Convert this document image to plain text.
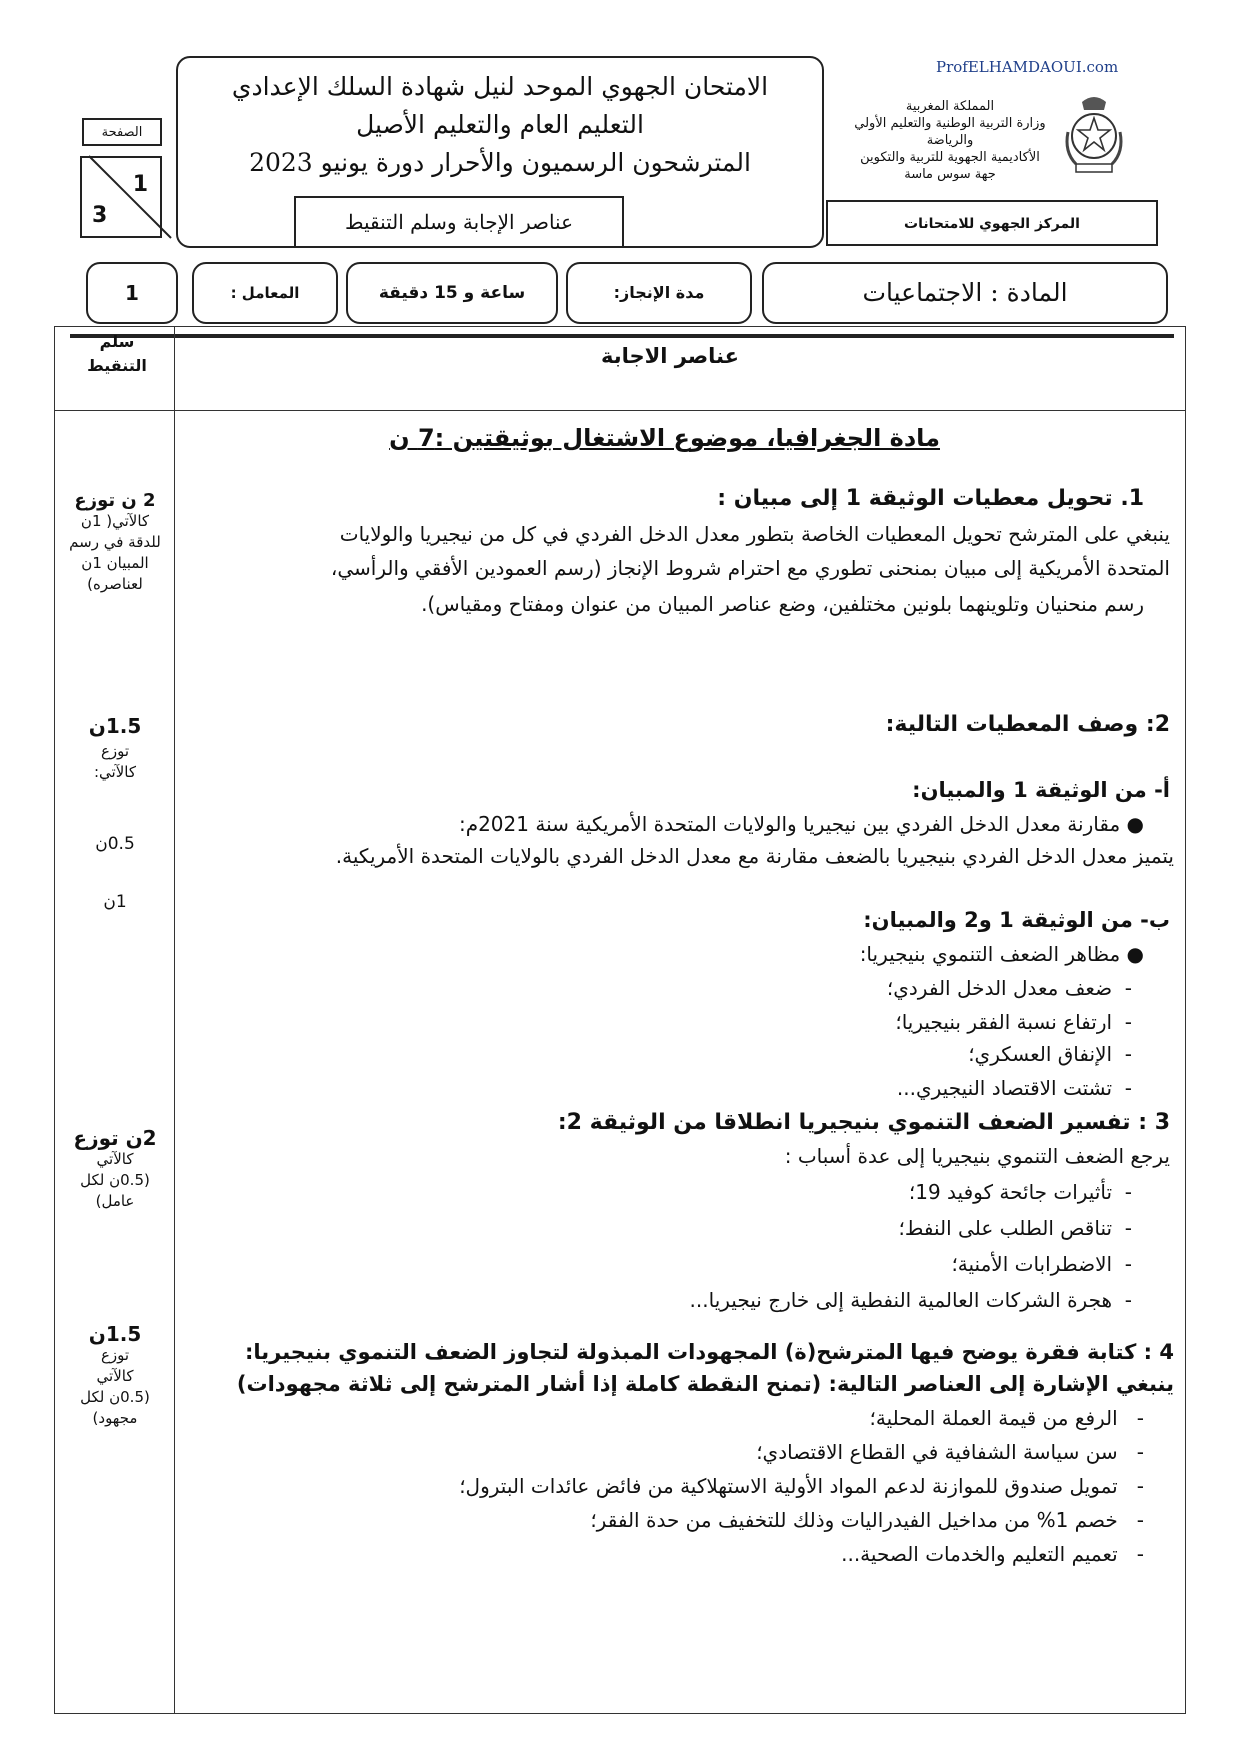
ProfELHAMDAOUI.com
المملكة المغربية
وزارة التربية الوطنية والتعليم الأولي والرياضة
الأكاديمية الجهوية للتربية والتكوين
جهة سوس ماسة
المركز الجهوي للامتحانات
الامتحان الجهوي الموحد لنيل شهادة السلك الإعدادي
التعليم العام والتعليم الأصيل
المترشحون الرسميون والأحرار دورة يونيو 2023
عناصر الإجابة وسلم التنقيط
الصفحة
1
3
المادة : الاجتماعيات
مدة الإنجاز:
ساعة و 15 دقيقة
المعامل :
1
عناصر الاجابة
سلم
التنقيط
مادة الجغرافيا، موضوع الاشتغال بوثيقتين :7 ن
1. تحويل معطيات الوثيقة 1 إلى مبيان :
ينبغي على المترشح تحويل المعطيات الخاصة بتطور معدل الدخل الفردي في كل من نيجيريا والولايات
المتحدة الأمريكية إلى مبيان بمنحنى تطوري مع احترام شروط الإنجاز (رسم العمودين الأفقي والرأسي،
رسم منحنيان وتلوينهما بلونين مختلفين، وضع عناصر المبيان من عنوان ومفتاح ومقياس).
2 ن توزع
كالآتي( 1ن
للدقة في رسم
المبيان 1ن
لعناصره)
2: وصف المعطيات التالية:
أ- من الوثيقة 1 والمبيان:
● مقارنة معدل الدخل الفردي بين نيجيريا والولايات المتحدة الأمريكية سنة 2021م:
يتميز معدل الدخل الفردي بنيجيريا بالضعف مقارنة مع معدل الدخل الفردي بالولايات المتحدة الأمريكية.
ب- من الوثيقة 1 و2 والمبيان:
● مظاهر الضعف التنموي بنيجيريا:
-  ضعف معدل الدخل الفردي؛
-  ارتفاع نسبة الفقر بنيجيريا؛
-  الإنفاق العسكري؛
-  تشتت الاقتصاد النيجيري...
1.5ن
توزع
كالآتي:
0.5ن
1ن
3 : تفسير الضعف التنموي بنيجيريا انطلاقا من الوثيقة 2:
يرجع الضعف التنموي بنيجيريا إلى عدة أسباب :
-  تأثيرات جائحة كوفيد 19؛
-  تناقص الطلب على النفط؛
-  الاضطرابات الأمنية؛
-  هجرة الشركات العالمية النفطية إلى خارج نيجيريا...
2ن توزع
كالآتي
(0.5ن لكل
عامل)
4 : كتابة فقرة يوضح فيها المترشح(ة) المجهودات المبذولة لتجاوز الضعف التنموي بنيجيريا:
ينبغي الإشارة إلى العناصر التالية: (تمنح النقطة كاملة إذا أشار المترشح إلى ثلاثة مجهودات)
-   الرفع من قيمة العملة المحلية؛
-   سن سياسة الشفافية في القطاع الاقتصادي؛
-   تمويل صندوق للموازنة لدعم المواد الأولية الاستهلاكية من فائض عائدات البترول؛
-   خصم 1% من مداخيل الفيدراليات وذلك للتخفيف من حدة الفقر؛
-   تعميم التعليم والخدمات الصحية...
1.5ن
توزع
كالآتي
(0.5ن لكل
مجهود)
